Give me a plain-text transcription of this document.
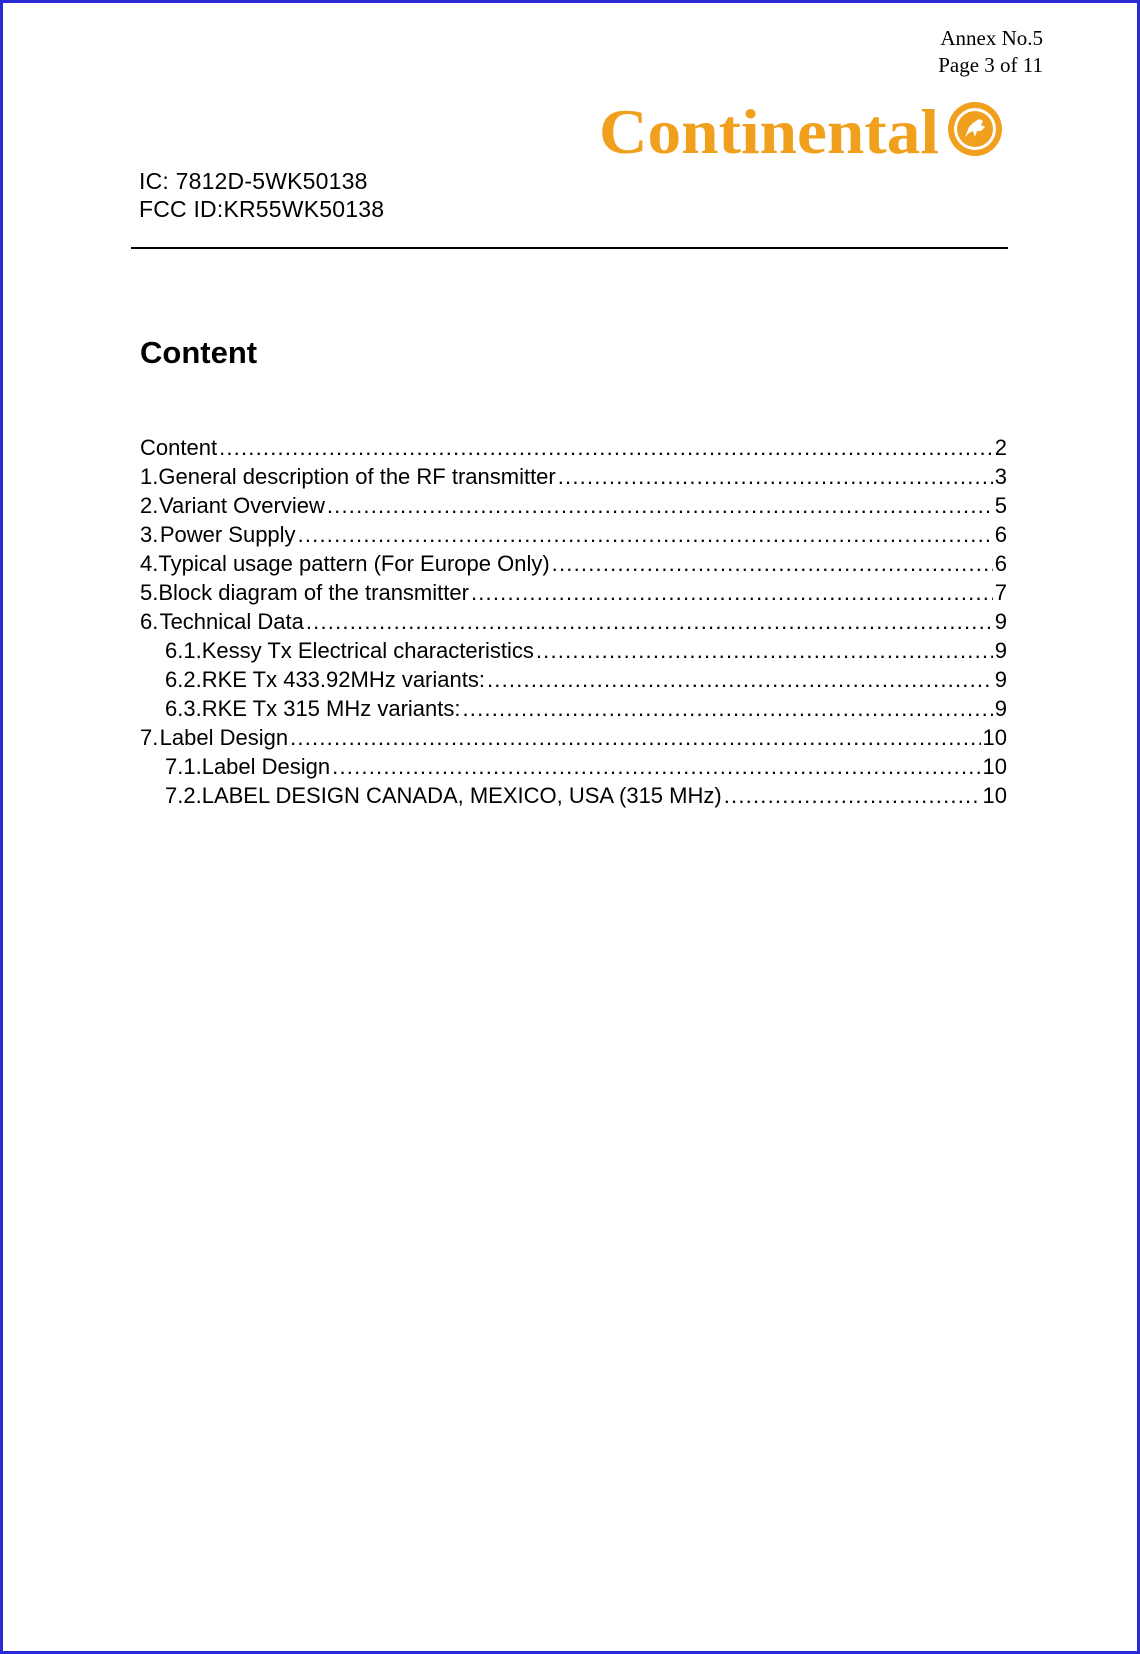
Annex No.5
Page 3 of 11
Continental
IC: 7812D-5WK50138
FCC ID:KR55WK50138
Content
Content .....	2
1. General description of the RF transmitter .....	3
2. Variant Overview .....	5
3. Power Supply .....	6
4. Typical usage pattern (For Europe Only) .....	6
5. Block diagram of the transmitter .....	7
6. Technical Data .....	9
6.1. Kessy Tx Electrical characteristics .....	9
6.2. RKE Tx 433.92MHz variants: .....	9
6.3. RKE Tx 315 MHz variants: .....	9
7. Label Design .....	10
7.1. Label Design .....	10
7.2. LABEL DESIGN CANADA, MEXICO, USA (315 MHz) .....	10
